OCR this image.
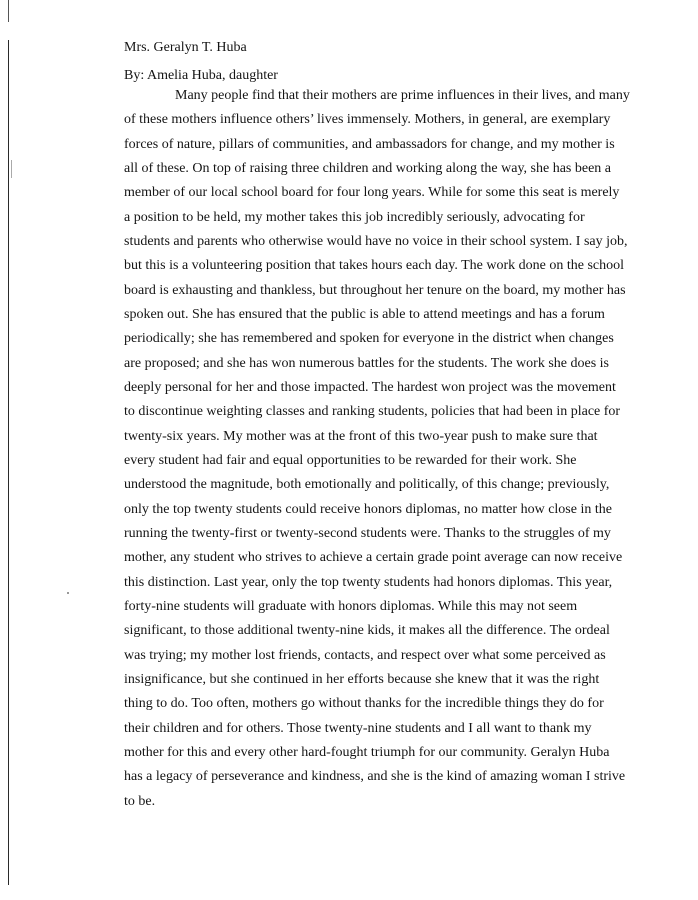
Mrs. Geralyn T. Huba

By: Amelia Huba, daughter

Many people find that their mothers are prime influences in their lives, and many

of these mothers influence others’ lives immensely. Mothers, in general, are exemplary

forces of nature, pillars of communities, and ambassadors for change, and my mother is

all of these. On top of raising three children and working along the way, she has been a

member of our local school board for four long years. While for some this seat is merely

a position to be held, my mother takes this job incredibly seriously, advocating for

students and parents who otherwise would have no voice in their school system. I say job,

but this is a volunteering position that takes hours each day. The work done on the school

board is exhausting and thankless, but throughout her tenure on the board, my mother has

spoken out. She has ensured that the public is able to attend meetings and has a forum

periodically; she has remembered and spoken for everyone in the district when changes

are proposed; and she has won numerous battles for the students. The work she does is

deeply personal for her and those impacted. The hardest won project was the movement

to discontinue weighting classes and ranking students, policies that had been in place for

twenty-six years. My mother was at the front of this two-year push to make sure that

every student had fair and equal opportunities to be rewarded for their work. She

understood the magnitude, both emotionally and politically, of this change; previously,

only the top twenty students could receive honors diplomas, no matter how close in the

running the twenty-first or twenty-second students were. Thanks to the struggles of my

mother, any student who strives to achieve a certain grade point average can now receive

this distinction. Last year, only the top twenty students had honors diplomas. This year,

forty-nine students will graduate with honors diplomas. While this may not seem

significant, to those additional twenty-nine kids, it makes all the difference. The ordeal

was trying; my mother lost friends, contacts, and respect over what some perceived as

insignificance, but she continued in her efforts because she knew that it was the right

thing to do. Too often, mothers go without thanks for the incredible things they do for

their children and for others. Those twenty-nine students and I all want to thank my

mother for this and every other hard-fought triumph for our community. Geralyn Huba

has a legacy of perseverance and kindness, and she is the kind of amazing woman I strive

to be.
